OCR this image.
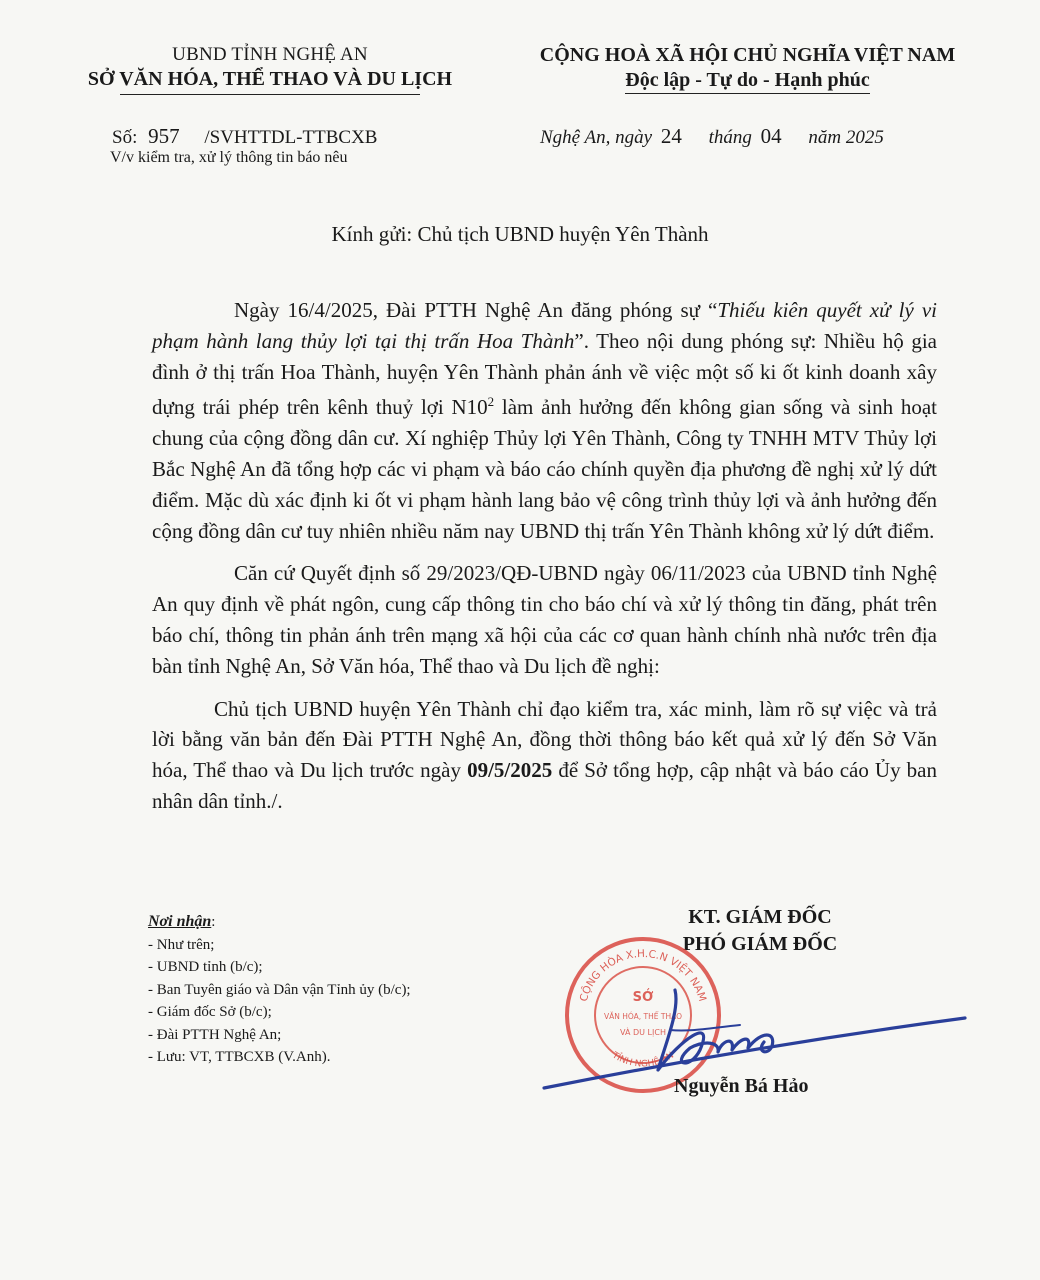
UBND TỈNH NGHỆ AN
SỞ VĂN HÓA, THỂ THAO VÀ DU LỊCH
CỘNG HOÀ XÃ HỘI CHỦ NGHĨA VIỆT NAM
Độc lập - Tự do - Hạnh phúc
Số: 957 /SVHTTDL-TTBCXB
V/v kiểm tra, xử lý thông tin báo nêu
Nghệ An, ngày 24 tháng 04 năm 2025
Kính gửi: Chủ tịch UBND huyện Yên Thành

Ngày 16/4/2025, Đài PTTH Nghệ An đăng phóng sự “Thiếu kiên quyết xử lý vi phạm hành lang thủy lợi tại thị trấn Hoa Thành”. Theo nội dung phóng sự: Nhiều hộ gia đình ở thị trấn Hoa Thành, huyện Yên Thành phản ánh về việc một số ki ốt kinh doanh xây dựng trái phép trên kênh thuỷ lợi $N10^2$ làm ảnh hưởng đến không gian sống và sinh hoạt chung của cộng đồng dân cư. Xí nghiệp Thủy lợi Yên Thành, Công ty TNHH MTV Thủy lợi Bắc Nghệ An đã tổng hợp các vi phạm và báo cáo chính quyền địa phương đề nghị xử lý dứt điểm. Mặc dù xác định ki ốt vi phạm hành lang bảo vệ công trình thủy lợi và ảnh hưởng đến cộng đồng dân cư tuy nhiên nhiều năm nay UBND thị trấn Yên Thành không xử lý dứt điểm.

Căn cứ Quyết định số 29/2023/QĐ-UBND ngày 06/11/2023 của UBND tỉnh Nghệ An quy định về phát ngôn, cung cấp thông tin cho báo chí và xử lý thông tin đăng, phát trên báo chí, thông tin phản ánh trên mạng xã hội của các cơ quan hành chính nhà nước trên địa bàn tỉnh Nghệ An, Sở Văn hóa, Thể thao và Du lịch đề nghị:

Chủ tịch UBND huyện Yên Thành chỉ đạo kiểm tra, xác minh, làm rõ sự việc và trả lời bằng văn bản đến Đài PTTH Nghệ An, đồng thời thông báo kết quả xử lý đến Sở Văn hóa, Thể thao và Du lịch trước ngày 09/5/2025 để Sở tổng hợp, cập nhật và báo cáo Ủy ban nhân dân tỉnh./.

Nơi nhận:
- Như trên;
- UBND tỉnh (b/c);
- Ban Tuyên giáo và Dân vận Tỉnh ủy (b/c);
- Giám đốc Sở (b/c);
- Đài PTTH Nghệ An;
- Lưu: VT, TTBCXB (V.Anh).
KT. GIÁM ĐỐC
PHÓ GIÁM ĐỐC
CỘNG HÒA X.H.C.N VIỆT NAM
TỈNH NGHỆ AN
SỞ
VĂN HÓA, THỂ THAO
VÀ DU LỊCH
Nguyễn Bá Hảo
